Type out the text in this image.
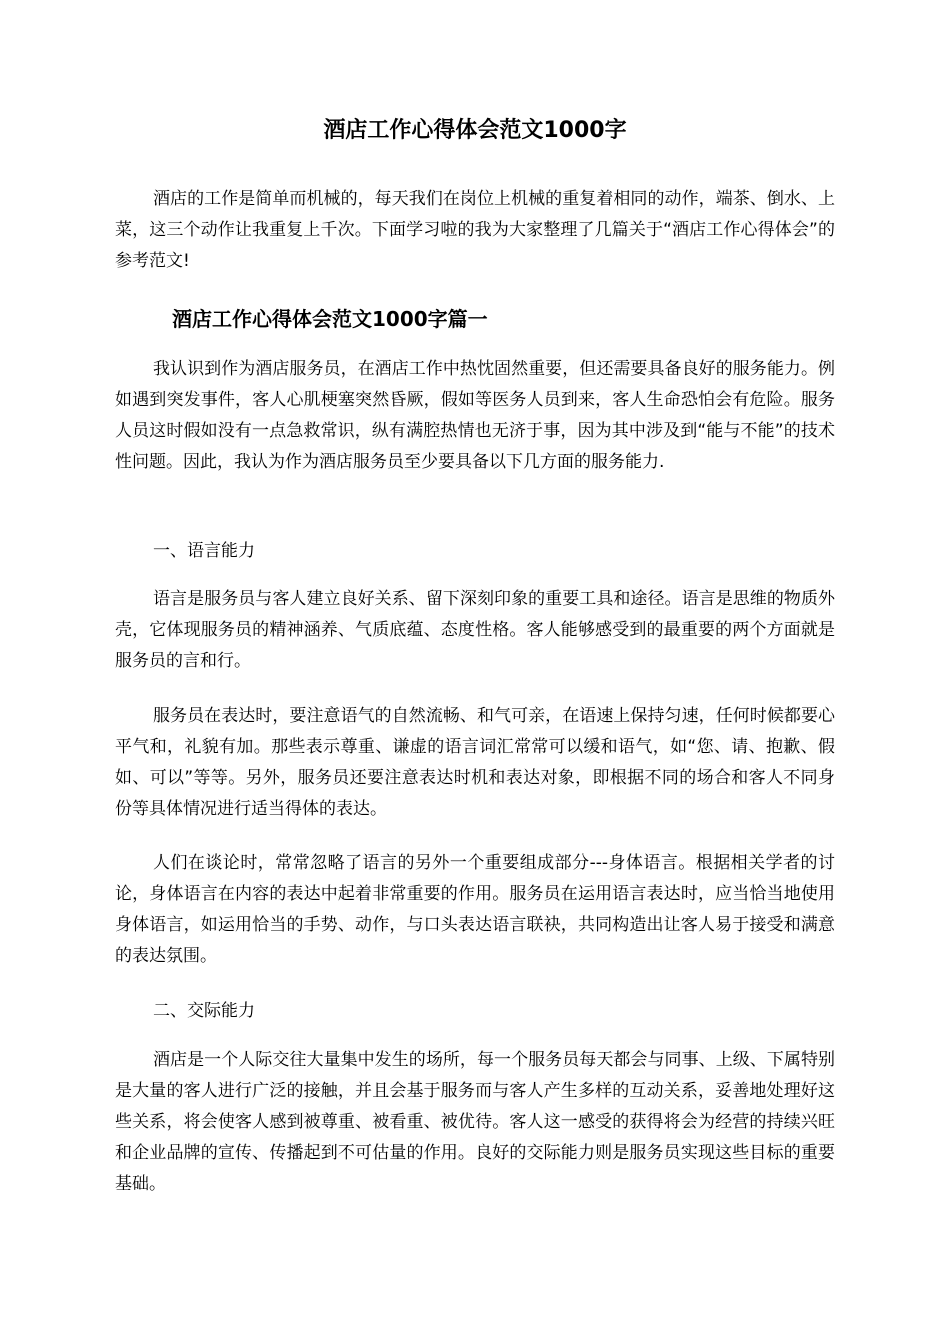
酒店工作心得体会范文1000字

酒店的工作是简单而机械的，每天我们在岗位上机械的重复着相同的动作，端茶、倒水、上菜，这三个动作让我重复上千次。下面学习啦的我为大家整理了几篇关于“酒店工作心得体会”的参考范文!

酒店工作心得体会范文1000字篇一

我认识到作为酒店服务员，在酒店工作中热忱固然重要，但还需要具备良好的服务能力。例如遇到突发事件，客人心肌梗塞突然昏厥，假如等医务人员到来，客人生命恐怕会有危险。服务人员这时假如没有一点急救常识，纵有满腔热情也无济于事，因为其中涉及到“能与不能”的技术性问题。因此，我认为作为酒店服务员至少要具备以下几方面的服务能力.

一、语言能力

语言是服务员与客人建立良好关系、留下深刻印象的重要工具和途径。语言是思维的物质外壳，它体现服务员的精神涵养、气质底蕴、态度性格。客人能够感受到的最重要的两个方面就是服务员的言和行。

服务员在表达时，要注意语气的自然流畅、和气可亲，在语速上保持匀速，任何时候都要心平气和，礼貌有加。那些表示尊重、谦虚的语言词汇常常可以缓和语气，如“您、请、抱歉、假如、可以”等等。另外，服务员还要注意表达时机和表达对象，即根据不同的场合和客人不同身份等具体情况进行适当得体的表达。

人们在谈论时，常常忽略了语言的另外一个重要组成部分---身体语言。根据相关学者的讨论，身体语言在内容的表达中起着非常重要的作用。服务员在运用语言表达时，应当恰当地使用身体语言，如运用恰当的手势、动作，与口头表达语言联袂，共同构造出让客人易于接受和满意的表达氛围。

二、交际能力

酒店是一个人际交往大量集中发生的场所，每一个服务员每天都会与同事、上级、下属特别是大量的客人进行广泛的接触，并且会基于服务而与客人产生多样的互动关系，妥善地处理好这些关系，将会使客人感到被尊重、被看重、被优待。客人这一感受的获得将会为经营的持续兴旺和企业品牌的宣传、传播起到不可估量的作用。良好的交际能力则是服务员实现这些目标的重要基础。
